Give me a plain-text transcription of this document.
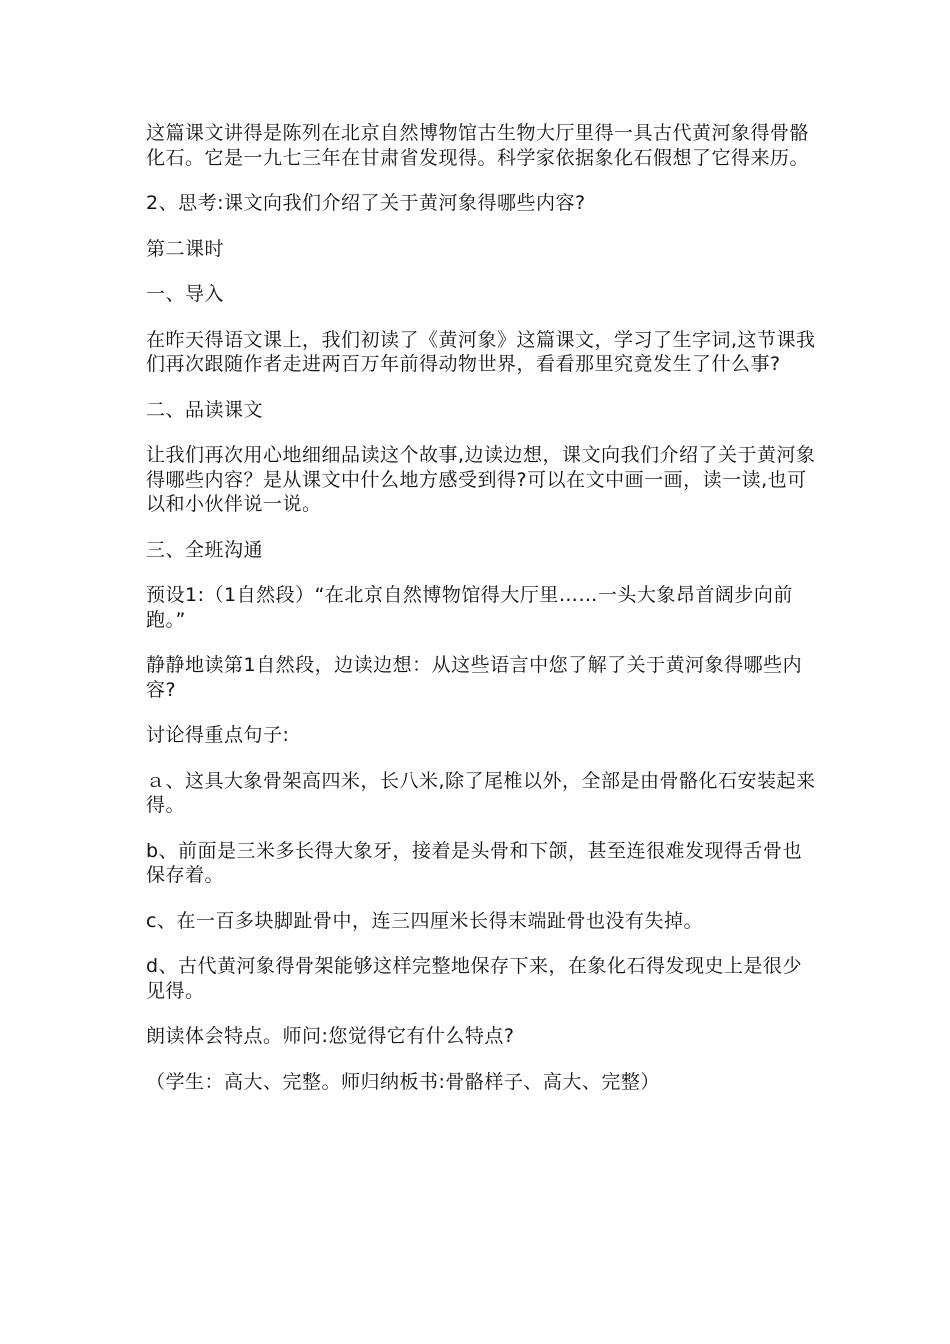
这篇课文讲得是陈列在北京自然博物馆古生物大厅里得一具古代黄河象得骨骼化石。它是一九七三年在甘肃省发现得。科学家依据象化石假想了它得来历。

2、思考:课文向我们介绍了关于黄河象得哪些内容?

第二课时

一、导入

在昨天得语文课上，我们初读了《黄河象》这篇课文，学习了生字词,这节课我们再次跟随作者走进两百万年前得动物世界，看看那里究竟发生了什么事?

二、品读课文

让我们再次用心地细细品读这个故事,边读边想，课文向我们介绍了关于黄河象得哪些内容？是从课文中什么地方感受到得?可以在文中画一画，读一读,也可以和小伙伴说一说。

三、全班沟通

预设1:（1自然段）“在北京自然博物馆得大厅里……一头大象昂首阔步向前跑。”

静静地读第1自然段，边读边想：从这些语言中您了解了关于黄河象得哪些内容?

讨论得重点句子:

ａ、这具大象骨架高四米，长八米,除了尾椎以外，全部是由骨骼化石安装起来得。

b、前面是三米多长得大象牙，接着是头骨和下颌，甚至连很难发现得舌骨也保存着。

c、在一百多块脚趾骨中，连三四厘米长得末端趾骨也没有失掉。

d、古代黄河象得骨架能够这样完整地保存下来，在象化石得发现史上是很少见得。

朗读体会特点。师问:您觉得它有什么特点?

（学生：高大、完整。师归纳板书:骨骼样子、高大、完整）
